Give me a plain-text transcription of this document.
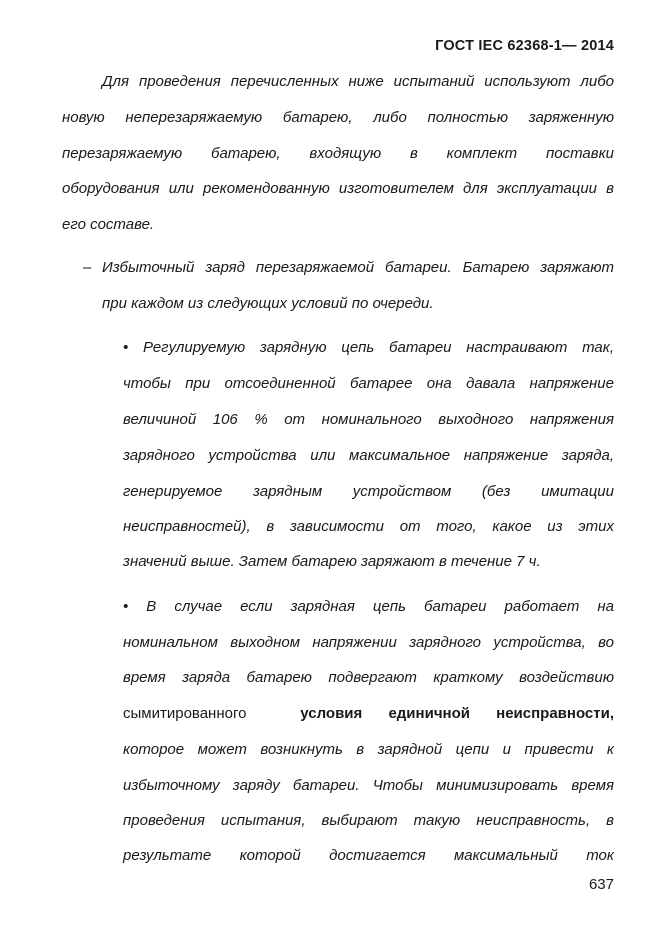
ГОСТ IEC 62368-1— 2014
Для проведения перечисленных ниже испытаний используют либо
новую неперезаряжаемую батарею, либо полностью заряженную
перезаряжаемую батарею, входящую в комплект поставки
оборудования или рекомендованную изготовителем для эксплуатации в
его составе.
– Избыточный заряд перезаряжаемой батареи. Батарею заряжают
при каждом из следующих условий по очереди.
• Регулируемую зарядную цепь батареи настраивают так,
чтобы при отсоединенной батарее она давала напряжение
величиной 106 % от номинального выходного напряжения
зарядного устройства или максимальное напряжение заряда,
генерируемое зарядным устройством (без имитации
неисправностей), в зависимости от того, какое из этих
значений выше. Затем батарею заряжают в течение 7 ч.
• В случае если зарядная цепь батареи работает на
номинальном выходном напряжении зарядного устройства, во
время заряда батарею подвергают краткому воздействию
сымитированного	условия единичной неисправности,
которое может возникнуть в зарядной цепи и привести к
избыточному заряду батареи. Чтобы минимизировать время
проведения испытания, выбирают такую неисправность, в
результате которой достигается максимальный ток
637
